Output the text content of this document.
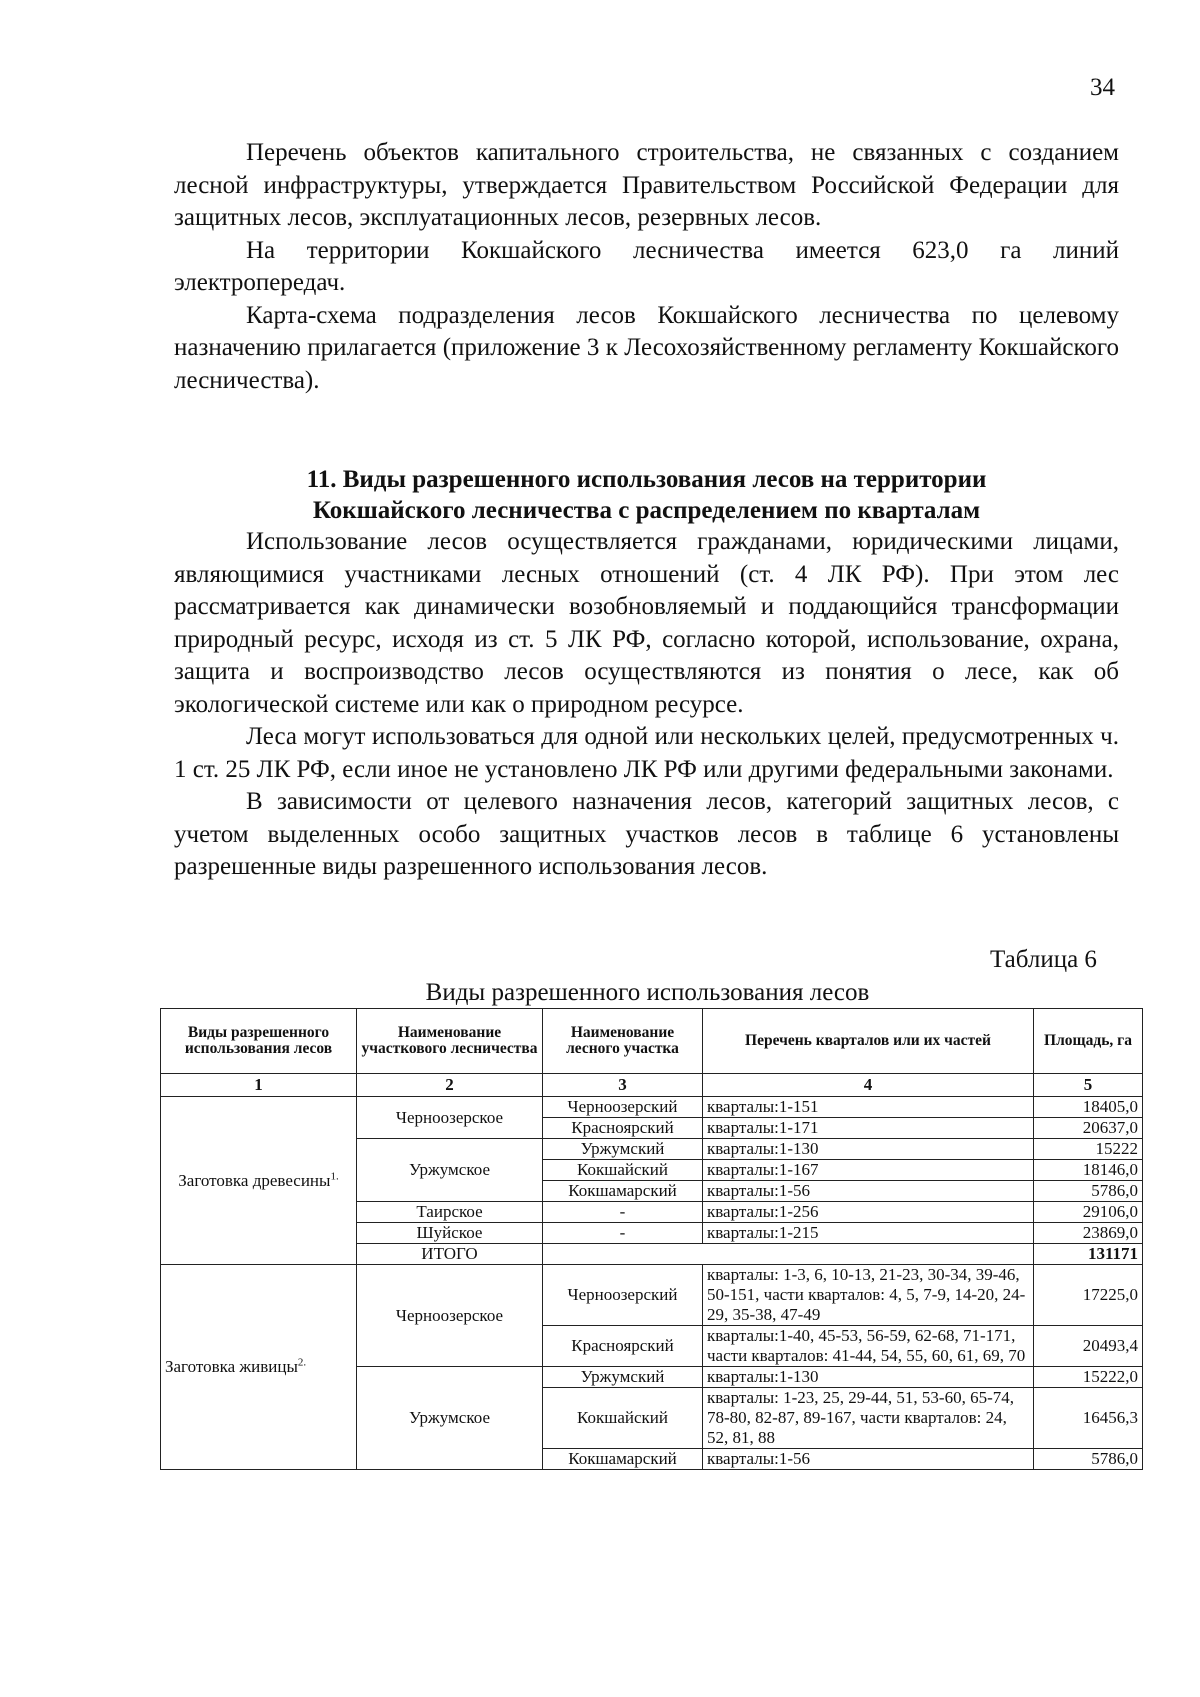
34

Перечень объектов капитального строительства, не связанных с созданием лесной инфраструктуры, утверждается Правительством Российской Федерации для защитных лесов, эксплуатационных лесов, резервных лесов.

На территории Кокшайского лесничества имеется 623,0 га линий электропередач.

Карта-схема подразделения лесов Кокшайского лесничества по целевому назначению прилагается (приложение 3 к Лесохозяйственному регламенту Кокшайского лесничества).

11. Виды разрешенного использования лесов на территории
Кокшайского лесничества с распределением по кварталам

Использование лесов осуществляется гражданами, юридическими лицами, являющимися участниками лесных отношений (ст. 4 ЛК РФ). При этом лес рассматривается как динамически возобновляемый и поддающийся трансформации природный ресурс, исходя из ст. 5 ЛК РФ, согласно которой, использование, охрана, защита и воспроизводство лесов осуществляются из понятия о лесе, как об экологической системе или как о природном ресурсе.

Леса могут использоваться для одной или нескольких целей, предусмотренных ч. 1 ст. 25 ЛК РФ, если иное не установлено ЛК РФ или другими федеральными законами.

В зависимости от целевого назначения лесов, категорий защитных лесов, с учетом выделенных особо защитных участков лесов в таблице 6 установлены разрешенные виды разрешенного использования лесов.

Таблица 6
Виды разрешенного использования лесов
Виды разрешенного использования лесов	Наименование участкового лесничества	Наименование лесного участка	Перечень кварталов или их частей	Площадь, га
1	2	3	4	5
Заготовка древесины$^{1.}$	Черноозерское	Черноозерский	кварталы:1-151	18405,0
		Красноярский	кварталы:1-171	20637,0
	Уржумское	Уржумский	кварталы:1-130	15222
		Кокшайский	кварталы:1-167	18146,0
		Кокшамарский	кварталы:1-56	5786,0
	Таирское	-	кварталы:1-256	29106,0
	Шуйское	-	кварталы:1-215	23869,0
	ИТОГО			131171
Заготовка живицы$^{2.}$	Черноозерское	Черноозерский	кварталы: 1-3, 6, 10-13, 21-23, 30-34, 39-46, 50-151, части кварталов: 4, 5, 7-9, 14-20, 24-29, 35-38, 47-49	17225,0
		Красноярский	кварталы:1-40, 45-53, 56-59, 62-68, 71-171, части кварталов: 41-44, 54, 55, 60, 61, 69, 70	20493,4
	Уржумское	Уржумский	кварталы:1-130	15222,0
		Кокшайский	кварталы: 1-23, 25, 29-44, 51, 53-60, 65-74, 78-80, 82-87, 89-167, части кварталов: 24, 52, 81, 88	16456,3
		Кокшамарский	кварталы:1-56	5786,0
